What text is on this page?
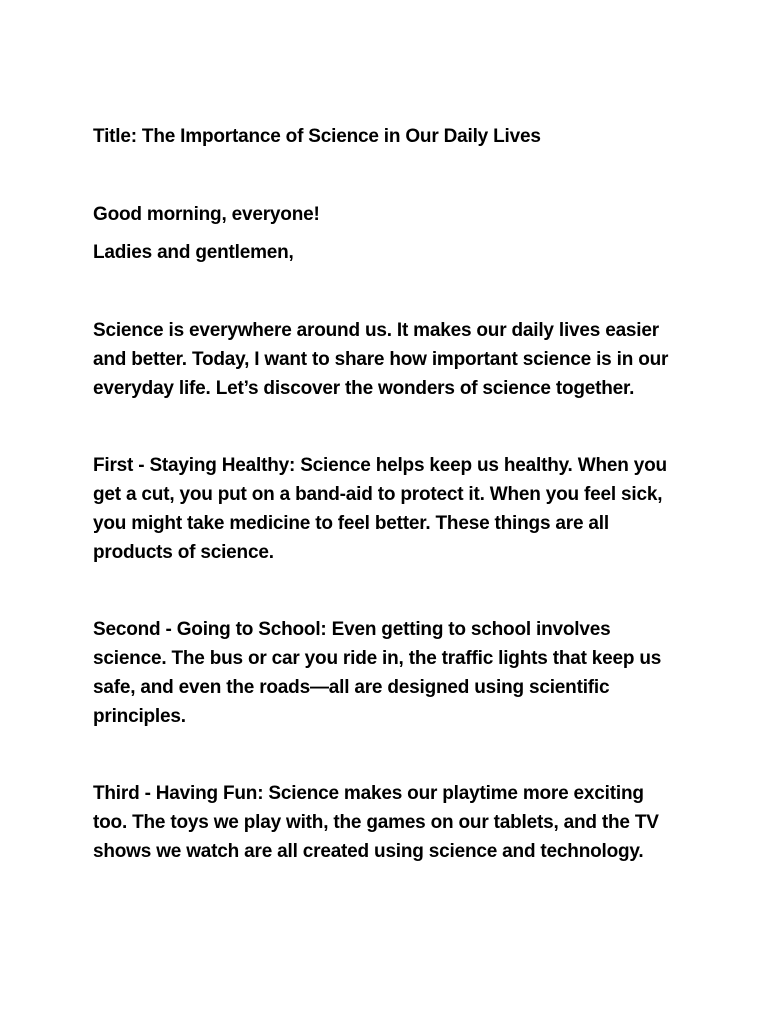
Title: The Importance of Science in Our Daily Lives

Good morning, everyone!

Ladies and gentlemen,

Science is everywhere around us. It makes our daily lives easier and better. Today, I want to share how important science is in our everyday life. Let’s discover the wonders of science together.

First - Staying Healthy: Science helps keep us healthy. When you get a cut, you put on a band-aid to protect it. When you feel sick, you might take medicine to feel better. These things are all products of science.

Second - Going to School: Even getting to school involves science. The bus or car you ride in, the traffic lights that keep us safe, and even the roads—all are designed using scientific principles.

Third - Having Fun: Science makes our playtime more exciting too. The toys we play with, the games on our tablets, and the TV shows we watch are all created using science and technology.
